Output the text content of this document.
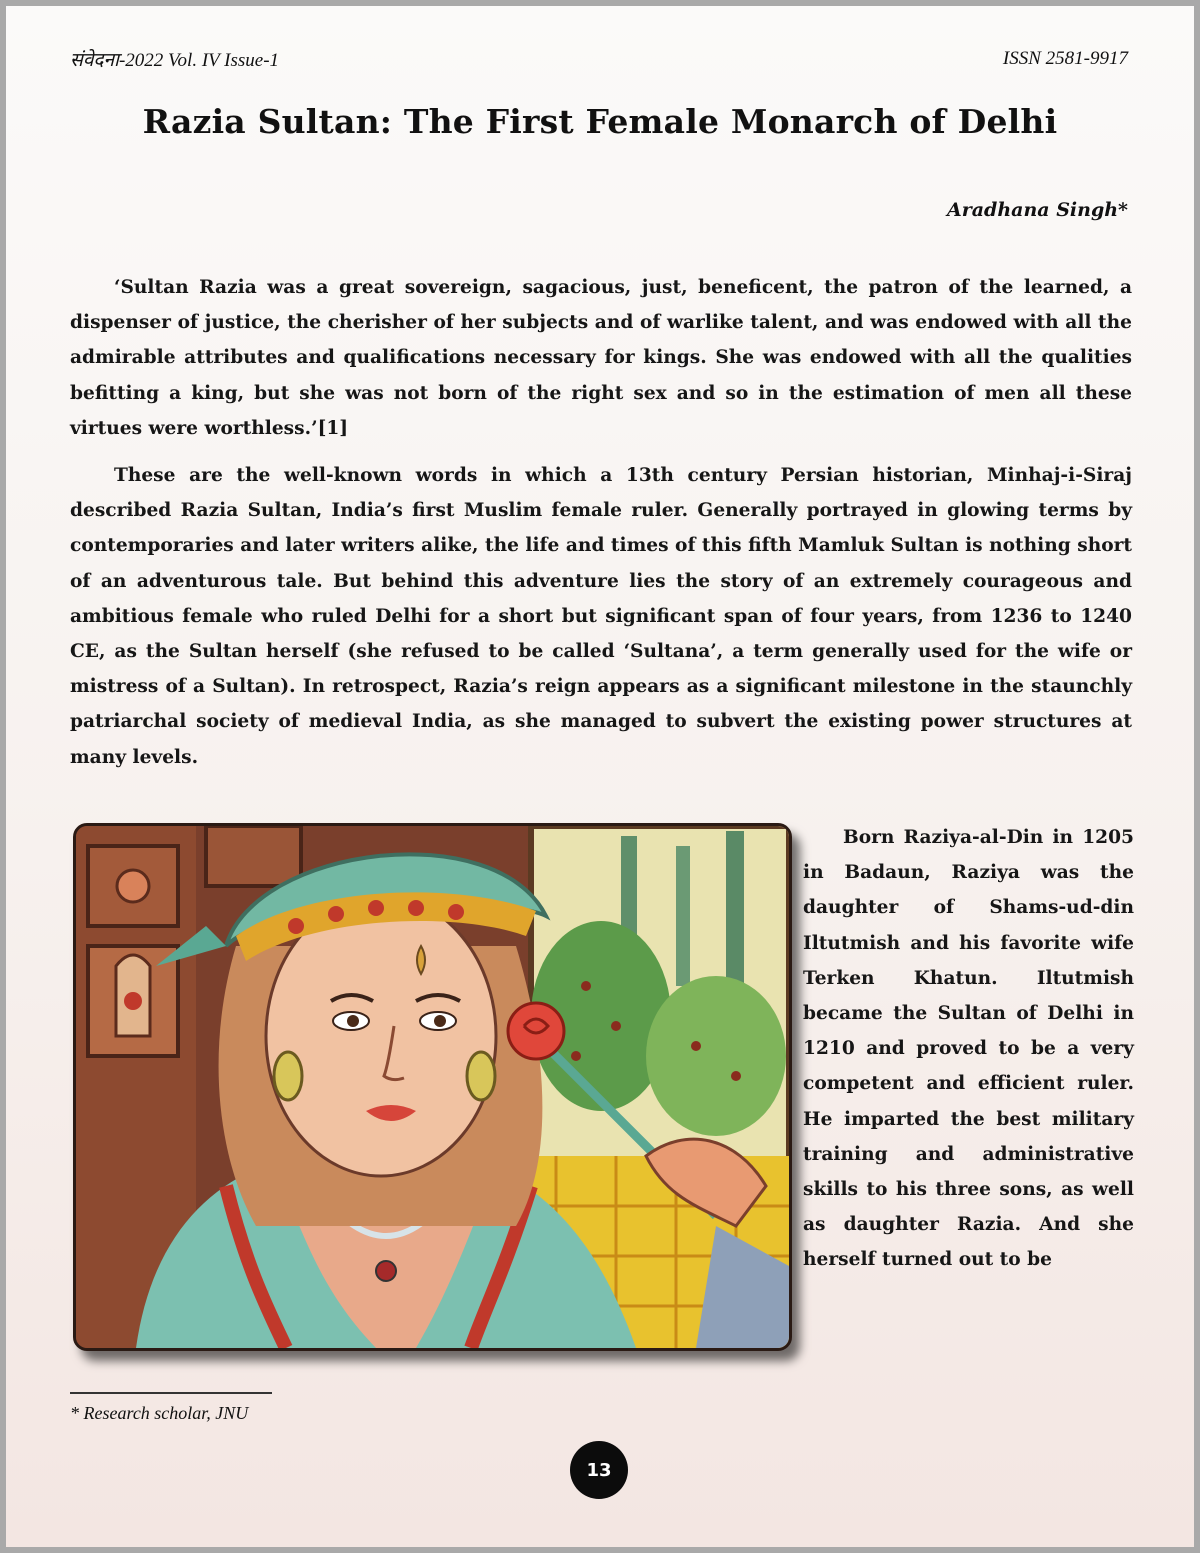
संवेदना-2022 Vol. IV Issue-1	ISSN 2581-9917
Razia Sultan: The First Female Monarch of Delhi
Aradhana Singh*

‘Sultan Razia was a great sovereign, sagacious, just, beneficent, the patron of the learned, a dispenser of justice, the cherisher of her subjects and of warlike talent, and was endowed with all the admirable attributes and qualifications necessary for kings. She was endowed with all the qualities befitting a king, but she was not born of the right sex and so in the estimation of men all these virtues were worthless.’[1]

These are the well-known words in which a 13th century Persian historian, Minhaj-i-Siraj described Razia Sultan, India’s first Muslim female ruler. Generally portrayed in glowing terms by contemporaries and later writers alike, the life and times of this fifth Mamluk Sultan is nothing short of an adventurous tale. But behind this adventure lies the story of an extremely courageous and ambitious female who ruled Delhi for a short but significant span of four years, from 1236 to 1240 CE, as the Sultan herself (she refused to be called ‘Sultana’, a term generally used for the wife or mistress of a Sultan). In retrospect, Razia’s reign appears as a significant milestone in the staunchly patriarchal society of medieval India, as she managed to subvert the existing power structures at many levels.

Born Raziya-al-Din in 1205 in Badaun, Raziya was the daughter of Shams-ud-din Iltutmish and his favorite wife Terken Khatun. Iltutmish became the Sultan of Delhi in 1210 and proved to be a very competent and efficient ruler. He imparted the best military training and administrative skills to his three sons, as well as daughter Razia. And she herself turned out to be

* Research scholar, JNU
13
